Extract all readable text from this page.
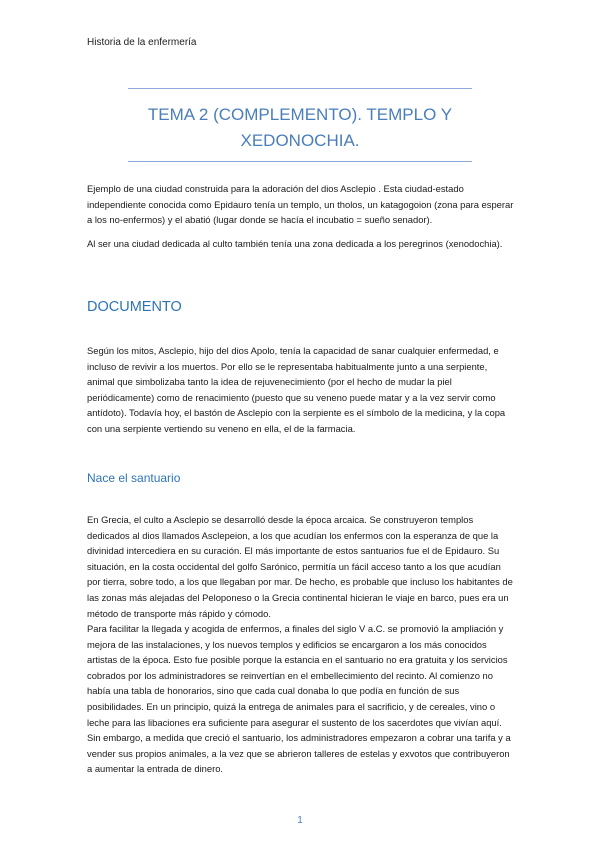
Historia de la enfermería
TEMA 2 (COMPLEMENTO). TEMPLO Y XEDONOCHIA.

Ejemplo de una ciudad construida para la adoración del dios Asclepio . Esta ciudad-estado independiente conocida como Epidauro tenía un templo, un tholos, un katagogoion (zona para esperar a los no-enfermos) y el abatió (lugar donde se hacía el incubatio = sueño senador).

Al ser una ciudad dedicada al culto también tenía una zona dedicada a los peregrinos (xenodochia).

DOCUMENTO

Según los mitos, Asclepio, hijo del dios Apolo, tenía la capacidad de sanar cualquier enfermedad, e incluso de revivir a los muertos. Por ello se le representaba habitualmente junto a una serpiente, animal que simbolizaba tanto la idea de rejuvenecimiento (por el hecho de mudar la piel periódicamente) como de renacimiento (puesto que su veneno puede matar y a la vez servir como antídoto). Todavía hoy, el bastón de Asclepio con la serpiente es el símbolo de la medicina, y la copa con una serpiente vertiendo su veneno en ella, el de la farmacia.

Nace el santuario

En Grecia, el culto a Asclepio se desarrolló desde la época arcaica. Se construyeron templos dedicados al dios llamados Asclepeion, a los que acudían los enfermos con la esperanza de que la divinidad intercediera en su curación. El más importante de estos santuarios fue el de Epidauro. Su situación, en la costa occidental del golfo Sarónico, permitía un fácil acceso tanto a los que acudían por tierra, sobre todo, a los que llegaban por mar. De hecho, es probable que incluso los habitantes de las zonas más alejadas del Peloponeso o la Grecia continental hicieran le viaje en barco, pues era un método de transporte más rápido y cómodo.

Para facilitar la llegada y acogida de enfermos, a finales del siglo V a.C. se promovió la ampliación y mejora de las instalaciones, y los nuevos templos y edificios se encargaron a los más conocidos artistas de la época. Esto fue posible porque la estancia en el santuario no era gratuita y los servicios cobrados por los administradores se reinvertían en el embellecimiento del recinto. Al comienzo no había una tabla de honorarios, sino que cada cual donaba lo que podía en función de sus posibilidades. En un principio, quizá la entrega de animales para el sacrificio, y de cereales, vino o leche para las libaciones era suficiente para asegurar el sustento de los sacerdotes que vivían aquí. Sin embargo, a medida que creció el santuario, los administradores empezaron a cobrar una tarifa y a vender sus propios animales, a la vez que se abrieron talleres de estelas y exvotos que contribuyeron a aumentar la entrada de dinero.

1
